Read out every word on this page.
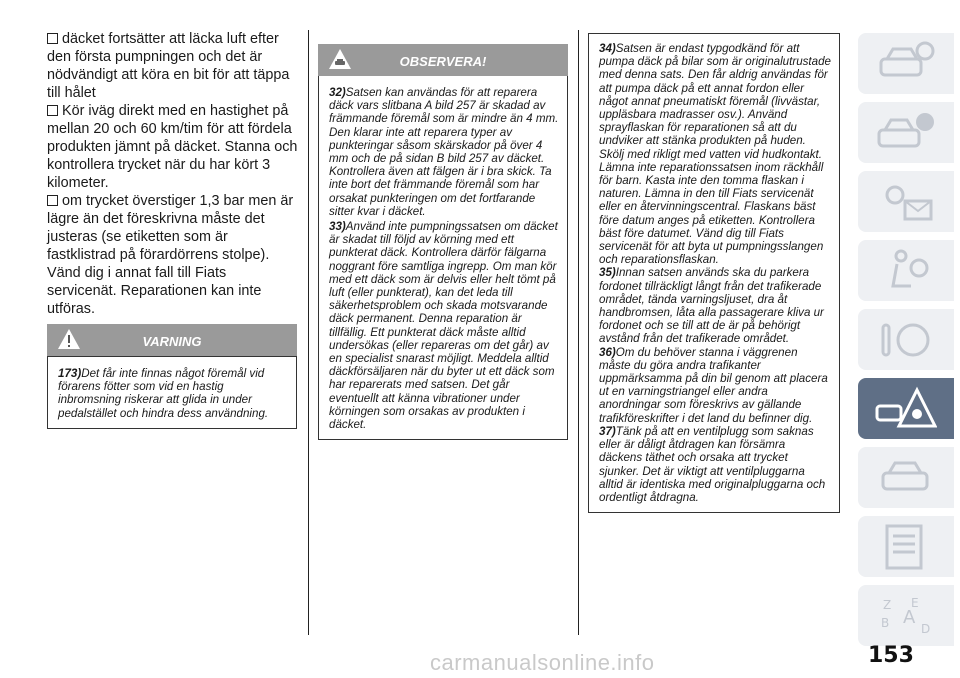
däcket fortsätter att läcka luft efter den första pumpningen och det är nödvändigt att köra en bit för att täppa till hålet

Kör iväg direkt med en hastighet på mellan 20 och 60 km/tim för att fördela produkten jämnt på däcket. Stanna och kontrollera trycket när du har kört 3 kilometer.

om trycket överstiger 1,3 bar men är lägre än det föreskrivna måste det justeras (se etiketten som är fastklistrad på förardörrens stolpe). Vänd dig i annat fall till Fiats servicenät. Reparationen kan inte utföras.

VARNING

173)Det får inte finnas något föremål vid förarens fötter som vid en hastig inbromsning riskerar att glida in under pedalstället och hindra dess användning.

OBSERVERA!

32)Satsen kan användas för att reparera däck vars slitbana A bild 257 är skadad av främmande föremål som är mindre än 4 mm. Den klarar inte att reparera typer av punkteringar såsom skärskador på över 4 mm och de på sidan B bild 257 av däcket. Kontrollera även att fälgen är i bra skick. Ta inte bort det främmande föremål som har orsakat punkteringen om det fortfarande sitter kvar i däcket.

33)Använd inte pumpningssatsen om däcket är skadat till följd av körning med ett punkterat däck. Kontrollera därför fälgarna noggrant före samtliga ingrepp. Om man kör med ett däck som är delvis eller helt tömt på luft (eller punkterat), kan det leda till säkerhetsproblem och skada motsvarande däck permanent. Denna reparation är tillfällig. Ett punkterat däck måste alltid undersökas (eller repareras om det går) av en specialist snarast möjligt. Meddela alltid däckförsäljaren när du byter ut ett däck som har reparerats med satsen. Det går eventuellt att känna vibrationer under körningen som orsakas av produkten i däcket.

34)Satsen är endast typgodkänd för att pumpa däck på bilar som är originalutrustade med denna sats. Den får aldrig användas för att pumpa däck på ett annat fordon eller något annat pneumatiskt föremål (livvästar, uppläsbara madrasser osv.). Använd sprayflaskan för reparationen så att du undviker att stänka produkten på huden. Skölj med rikligt med vatten vid hudkontakt. Lämna inte reparationssatsen inom räckhåll för barn. Kasta inte den tomma flaskan i naturen. Lämna in den till Fiats servicenät eller en återvinningscentral. Flaskans bäst före datum anges på etiketten. Kontrollera bäst före datumet. Vänd dig till Fiats servicenät för att byta ut pumpningsslangen och reparationsflaskan.

35)Innan satsen används ska du parkera fordonet tillräckligt långt från det trafikerade området, tända varningsljuset, dra åt handbromsen, låta alla passagerare kliva ur fordonet och se till att de är på behörigt avstånd från det trafikerade området.

36)Om du behöver stanna i väggrenen måste du göra andra trafikanter uppmärksamma på din bil genom att placera ut en varningstriangel eller andra anordningar som föreskrivs av gällande trafikföreskrifter i det land du befinner dig.

37)Tänk på att en ventilplugg som saknas eller är dåligt åtdragen kan försämra däckens täthet och orsaka att trycket sjunker. Det är viktigt att ventilpluggarna alltid är identiska med originalpluggarna och ordentligt åtdragna.

Z E
A
B	D
153
carmanualsonline.info
